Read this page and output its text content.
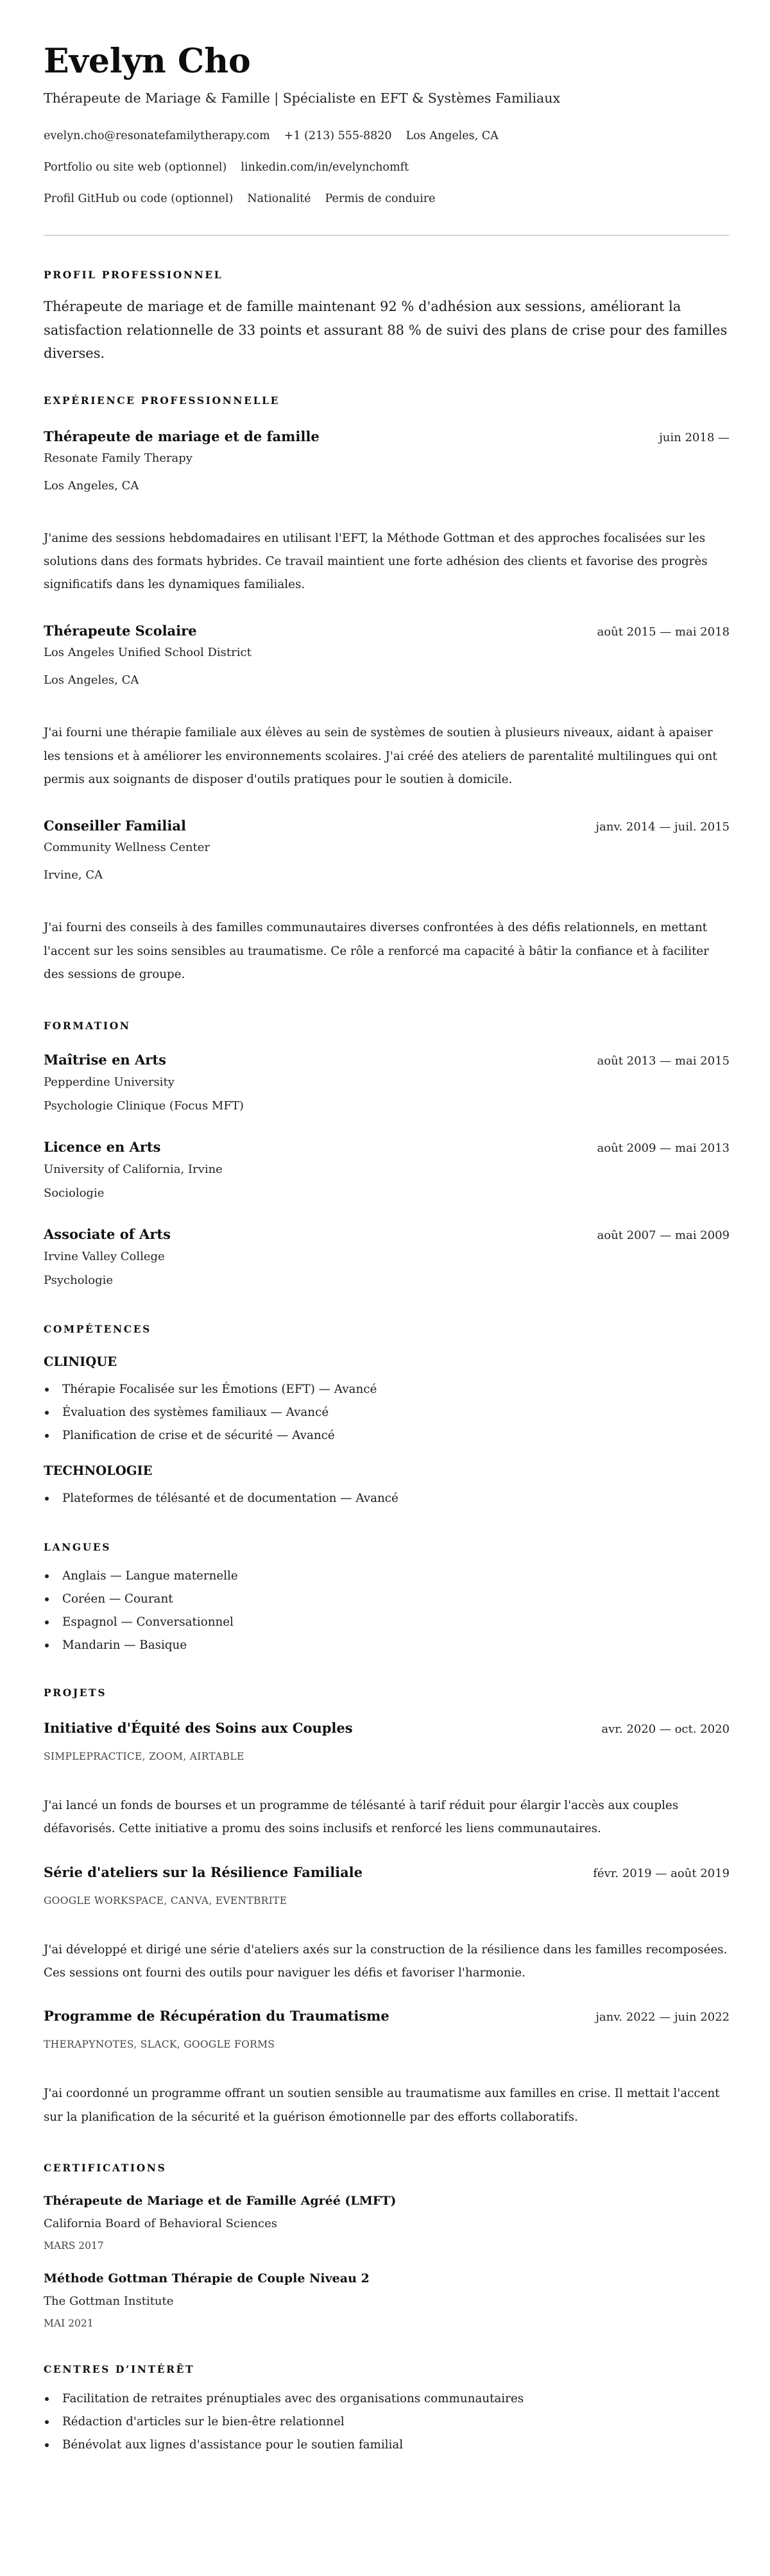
Evelyn Cho
Thérapeute de Mariage & Famille | Spécialiste en EFT & Systèmes Familiaux
evelyn.cho@resonatefamilytherapy.com +1 (213) 555-8820 Los Angeles, CA
Portfolio ou site web (optionnel) linkedin.com/in/evelynchomft
Profil GitHub ou code (optionnel) Nationalité Permis de conduire
PROFIL PROFESSIONNEL

Thérapeute de mariage et de famille maintenant 92 % d'adhésion aux sessions, améliorant la satisfaction relationnelle de 33 points et assurant 88 % de suivi des plans de crise pour des familles diverses.

EXPÉRIENCE PROFESSIONNELLE
Thérapeute de mariage et de famille	juin 2018 —
Resonate Family Therapy
Los Angeles, CA

J'anime des sessions hebdomadaires en utilisant l'EFT, la Méthode Gottman et des approches focalisées sur les solutions dans des formats hybrides. Ce travail maintient une forte adhésion des clients et favorise des progrès significatifs dans les dynamiques familiales.

Thérapeute Scolaire	août 2015 — mai 2018
Los Angeles Unified School District
Los Angeles, CA

J'ai fourni une thérapie familiale aux élèves au sein de systèmes de soutien à plusieurs niveaux, aidant à apaiser les tensions et à améliorer les environnements scolaires. J'ai créé des ateliers de parentalité multilingues qui ont permis aux soignants de disposer d'outils pratiques pour le soutien à domicile.

Conseiller Familial	janv. 2014 — juil. 2015
Community Wellness Center
Irvine, CA

J'ai fourni des conseils à des familles communautaires diverses confrontées à des défis relationnels, en mettant l'accent sur les soins sensibles au traumatisme. Ce rôle a renforcé ma capacité à bâtir la confiance et à faciliter des sessions de groupe.

FORMATION
Maîtrise en Arts	août 2013 — mai 2015
Pepperdine University
Psychologie Clinique (Focus MFT)
Licence en Arts	août 2009 — mai 2013
University of California, Irvine
Sociologie
Associate of Arts	août 2007 — mai 2009
Irvine Valley College
Psychologie
COMPÉTENCES
CLINIQUE
Thérapie Focalisée sur les Émotions (EFT) — Avancé
Évaluation des systèmes familiaux — Avancé
Planification de crise et de sécurité — Avancé
TECHNOLOGIE
Plateformes de télésanté et de documentation — Avancé
LANGUES
Anglais — Langue maternelle
Coréen — Courant
Espagnol — Conversationnel
Mandarin — Basique
PROJETS
Initiative d'Équité des Soins aux Couples	avr. 2020 — oct. 2020
SIMPLEPRACTICE, ZOOM, AIRTABLE

J'ai lancé un fonds de bourses et un programme de télésanté à tarif réduit pour élargir l'accès aux couples défavorisés. Cette initiative a promu des soins inclusifs et renforcé les liens communautaires.

Série d'ateliers sur la Résilience Familiale	févr. 2019 — août 2019
GOOGLE WORKSPACE, CANVA, EVENTBRITE

J'ai développé et dirigé une série d'ateliers axés sur la construction de la résilience dans les familles recomposées. Ces sessions ont fourni des outils pour naviguer les défis et favoriser l'harmonie.

Programme de Récupération du Traumatisme	janv. 2022 — juin 2022
THERAPYNOTES, SLACK, GOOGLE FORMS

J'ai coordonné un programme offrant un soutien sensible au traumatisme aux familles en crise. Il mettait l'accent sur la planification de la sécurité et la guérison émotionnelle par des efforts collaboratifs.

CERTIFICATIONS
Thérapeute de Mariage et de Famille Agréé (LMFT)
California Board of Behavioral Sciences
MARS 2017
Méthode Gottman Thérapie de Couple Niveau 2
The Gottman Institute
MAI 2021
CENTRES D’INTÉRÊT
Facilitation de retraites prénuptiales avec des organisations communautaires
Rédaction d'articles sur le bien-être relationnel
Bénévolat aux lignes d'assistance pour le soutien familial
